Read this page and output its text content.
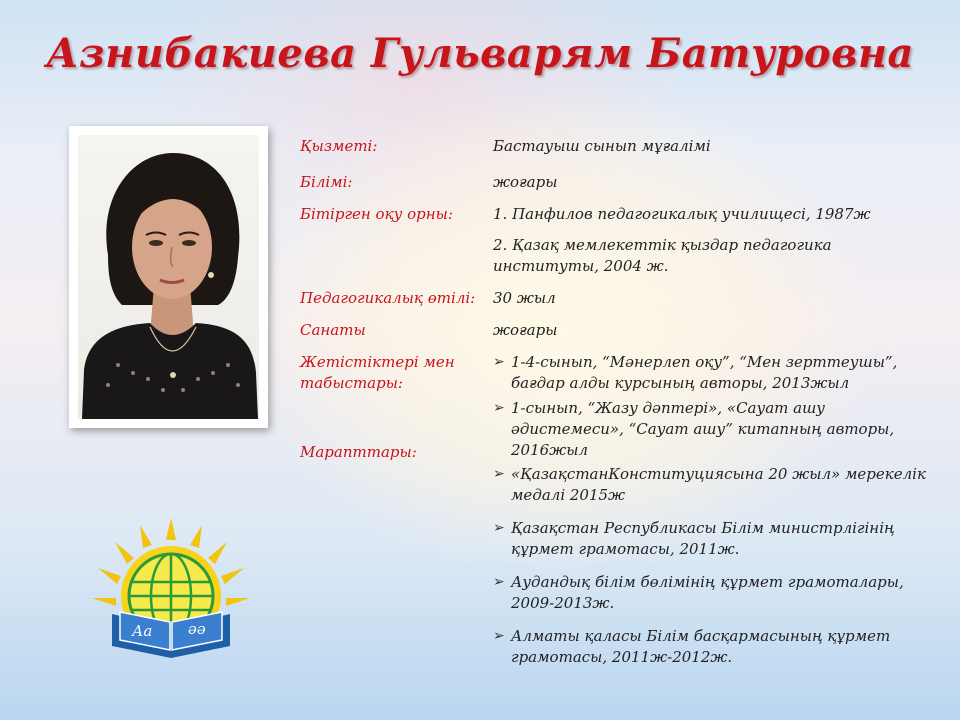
Азнибакиева Гульварям Батуровна
Аа әә
Қызметі:	Бастауыш сынып мұғалімі
Білімі:	жоғары
Бітірген оқу орны:	1. Панфилов педагогикалық училищесі, 1987ж
2. Қазақ мемлекеттік қыздар педагогика
институты, 2004 ж.
Педагогикалық өтілі:	30 жыл
Санаты	жоғары
Жетістіктері мен
табыстары:
➢ 1-4-сынып, “Мәнерлеп оқу”, “Мен зерттеушы”,
бағдар алды курсының авторы, 2013жыл
➢ 1-сынып, “Жазу дәптері», «Сауат ашу
әдистемеси», “Сауат ашу” китапның авторы,
2016жыл
Марапттары:
➢ «ҚазақстанКонституциясына 20 жыл» мерекелік
медалі 2015ж
➢ Қазақстан Республикасы Білім министрлігінің
құрмет грамотасы, 2011ж.
➢ Аудандық білім бөлімінің құрмет грамоталары,
2009-2013ж.
➢ Алматы қаласы Білім басқармасының құрмет
грамотасы, 2011ж-2012ж.
